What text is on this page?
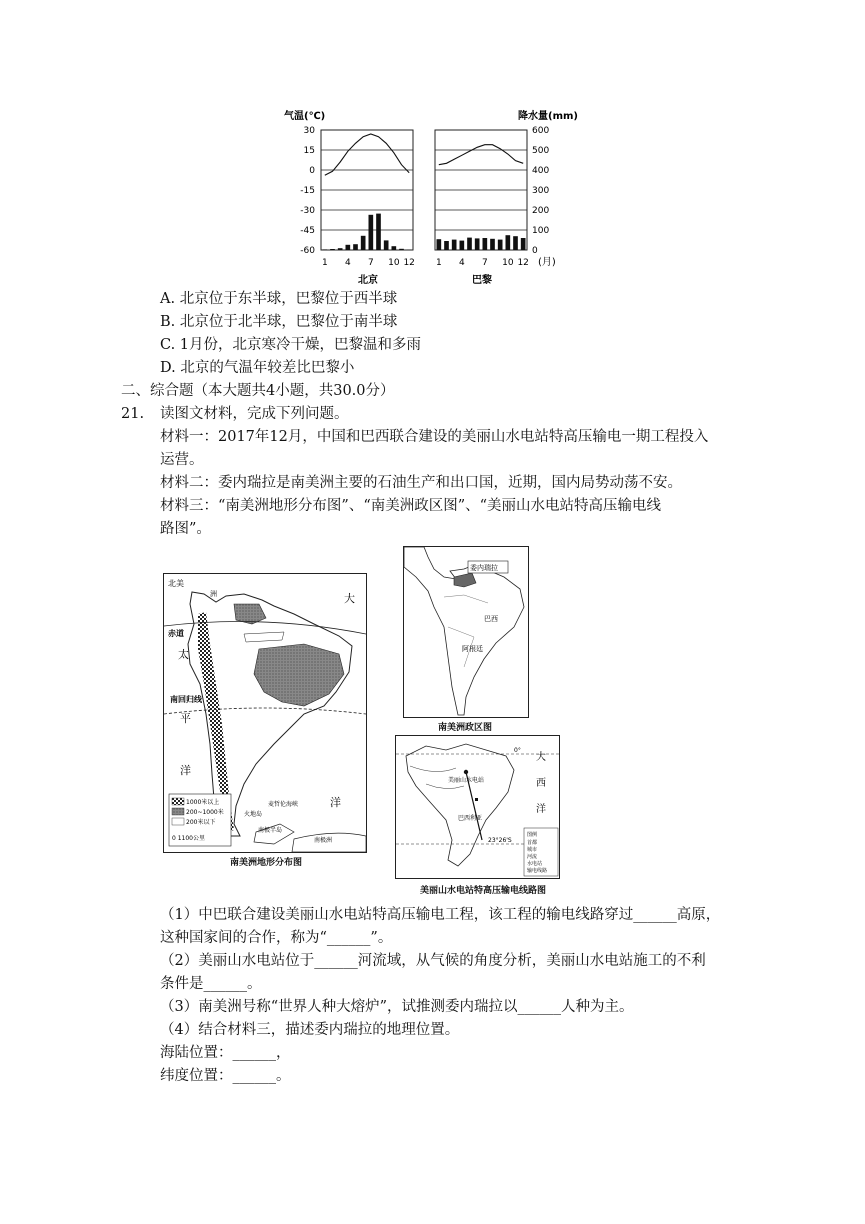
气温(℃)	降水量(mm)
30
15
0
-15
-30
-45
-60
600
500
400
300
200
100
0
1 4 7 10 12 1 4 7 10 12 (月)
北京	巴黎
A. 北京位于东半球，巴黎位于西半球
B. 北京位于北半球，巴黎位于南半球
C. 1月份，北京寒冷干燥，巴黎温和多雨
D. 北京的气温年较差比巴黎小
二、综合题（本大题共4小题，共30.0分）
21. 读图文材料，完成下列问题。
材料一：2017年12月，中国和巴西联合建设的美丽山水电站特高压输电一期工程投入
运营。
材料二：委内瑞拉是南美洲主要的石油生产和出口国，近期，国内局势动荡不安。
材料三：“南美洲地形分布图”、“南美洲政区图”、“美丽山水电站特高压输电线
路图”。
北美
洲
赤道
太
大
南回归线
平
洋
洋
火地岛
麦哲伦海峡
南极半岛
南极洲
1000米以上
200~1000米
200米以下
0 1100公里
南美洲地形分布图
委内瑞拉
巴西
阿根廷
南美洲政区图
美丽山水电站
巴西利亚
大
西
洋
0°
23°26'S
图例
首都
城市
河流
水电站
输电线路
美丽山水电站特高压输电线路图
（1）中巴联合建设美丽山水电站特高压输电工程，该工程的输电线路穿过______高原，
这种国家间的合作，称为“______”。
（2）美丽山水电站位于______河流域，从气候的角度分析，美丽山水电站施工的不利
条件是______。
（3）南美洲号称“世界人种大熔炉”，试推测委内瑞拉以______人种为主。
（4）结合材料三，描述委内瑞拉的地理位置。
海陆位置：______，
纬度位置：______。
